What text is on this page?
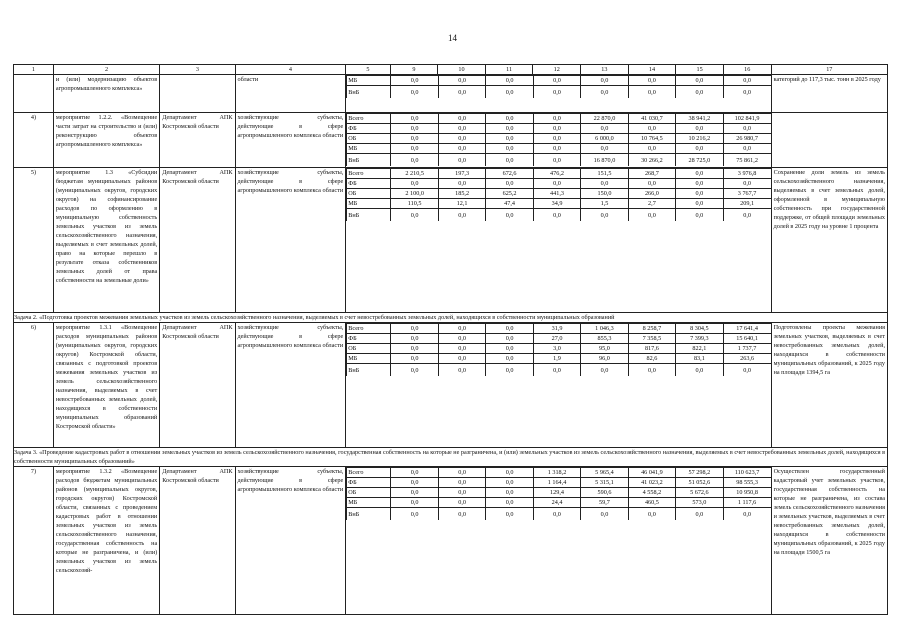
14
1	2	3	4	5	9	10	11	12	13	14	15	16	17
	и (или) модернизацию объектов агропромышленного комплекса»		области		МБ	0,0	0,0	0,0	0,0	0,0	0,0	0,0	0,0
ВнБ	0,0	0,0	0,0	0,0	0,0	0,0	0,0	0,0
	категорий до 117,3 тыс. тонн в 2025 году
4)	мероприятие 1.2.2. «Возмещение части затрат на строительство и (или) реконструкцию объектов агропромышленного комплекса»	Департамент АПК Костромской области	хозяйствующие субъекты, действующие в сфере агропромышленного комплекса области	
Всего	0,0	0,0	0,0	0,0	22 870,0	41 030,7	38 941,2	102 841,9
ФБ	0,0	0,0	0,0	0,0	0,0	0,0	0,0	0,0
ОБ	0,0	0,0	0,0	0,0	6 000,0	10 764,5	10 216,2	26 980,7
МБ	0,0	0,0	0,0	0,0	0,0	0,0	0,0	0,0
ВнБ	0,0	0,0	0,0	0,0	16 870,0	30 266,2	28 725,0	75 861,2

5)	мероприятие 1.3 «Субсидии бюджетам муниципальных районов (муниципальных округов, городских округов) на софинансирование расходов по оформлению в муниципальную собственность земельных участков из земель сельскохозяйственного назначения, выделяемых в счет земельных долей, право на которые перешло в результате отказа собственников земельных долей от права собственности на земельные доли»	Департамент АПК Костромской области	хозяйствующие субъекты, действующие в сфере агропромышленного комплекса области	
Всего	2 210,5	197,3	672,6	476,2	151,5	268,7	0,0	3 976,8
ФБ	0,0	0,0	0,0	0,0	0,0	0,0	0,0	0,0
ОБ	2 100,0	185,2	625,2	441,3	150,0	266,0	0,0	3 767,7
МБ	110,5	12,1	47,4	34,9	1,5	2,7	0,0	209,1
ВнБ	0,0	0,0	0,0	0,0	0,0	0,0	0,0	0,0
	Сохранение доли земель из земель сельскохозяйственного назначения, выделяемых в счет земельных долей, оформленной в муниципальную собственность при государственной поддержке, от общей площади земельных долей в 2025 году на уровне 1 процента
Задача 2. «Подготовка проектов межевания земельных участков из земель сельскохозяйственного назначения, выделяемых в счет невостребованных земельных долей, находящихся в собственности муниципальных образований
6)	мероприятие 1.3.1 «Возмещение расходов муниципальных районов (муниципальных округов, городских округов) Костромской области, связанных с подготовкой проектов межевания земельных участков из земель сельскохозяйственного назначения, выделяемых в счет невостребованных земельных долей, находящихся в собственности муниципальных образований Костромской области»	Департамент АПК Костромской области	хозяйствующие субъекты, действующие в сфере агропромышленного комплекса области	
Всего	0,0	0,0	0,0	31,9	1 046,3	8 258,7	8 304,5	17 641,4
ФБ	0,0	0,0	0,0	27,0	855,3	7 358,5	7 399,3	15 640,1
ОБ	0,0	0,0	0,0	3,0	95,0	817,6	822,1	1 737,7
МБ	0,0	0,0	0,0	1,9	96,0	82,6	83,1	263,6
ВнБ	0,0	0,0	0,0	0,0	0,0	0,0	0,0	0,0
	Подготовлены проекты межевания земельных участков, выделяемых в счет невостребованных земельных долей, находящихся в собственности муниципальных образований, к 2025 году на площади 1394,5 га
Задача 3. «Проведение кадастровых работ в отношении земельных участков из земель сельскохозяйственного назначения, государственная собственность на которые не разграничена, и (или) земельных участков из земель сельскохозяйственного назначения, выделяемых в счет невостребованных земельных долей, находящихся в собственности муниципальных образований»
7)	мероприятие 1.3.2 «Возмещение расходов бюджетам муниципальных районов (муниципальных округов, городских округов) Костромской области, связанных с проведением кадастровых работ в отношении земельных участков из земель сельскохозяйственного назначения, государственная собственность на которые не разграничена, и (или) земельных участков из земель сельскохозяй-	Департамент АПК Костромской области	хозяйствующие субъекты, действующие в сфере агропромышленного комплекса области	
Всего	0,0	0,0	0,0	1 318,2	5 965,4	46 041,9	57 298,2	110 623,7
ФБ	0,0	0,0	0,0	1 164,4	5 315,1	41 023,2	51 052,6	98 555,3
ОБ	0,0	0,0	0,0	129,4	590,6	4 558,2	5 672,6	10 950,8
МБ	0,0	0,0	0,0	24,4	59,7	460,5	573,0	1 117,6
ВнБ	0,0	0,0	0,0	0,0	0,0	0,0	0,0	0,0
	Осуществлен государственный кадастровый учет земельных участков, государственная собственность на которые не разграничена, из состава земель сельскохозяйственного назначения и земельных участков, выделяемых в счет невостребованных земельных долей, находящихся в собственности муниципальных образований, к 2025 году на площади 1500,5 га
